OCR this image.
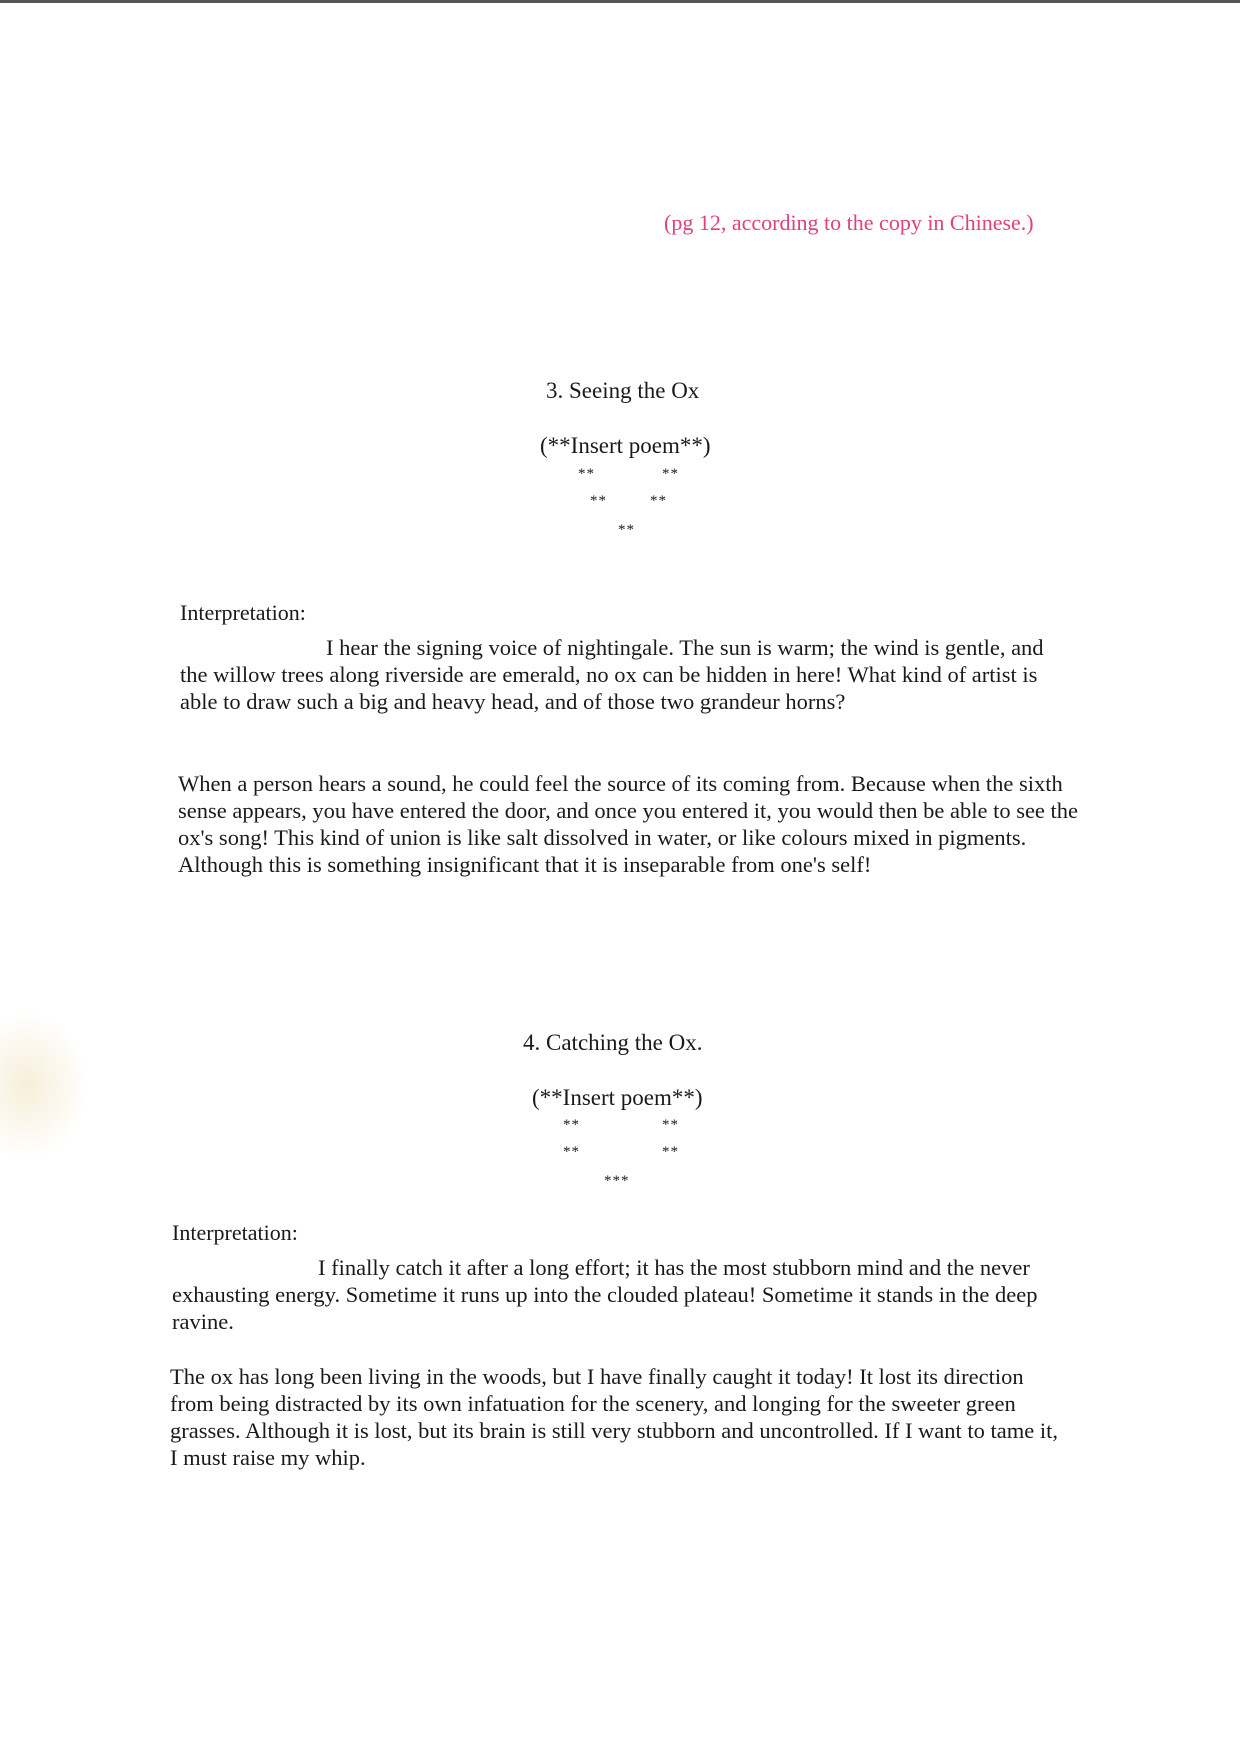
(pg 12, according to the copy in Chinese.)
3. Seeing the Ox
(**Insert poem**)
**	**
**	**
**
Interpretation:

I hear the signing voice of nightingale. The sun is warm; the wind is gentle, and the willow trees along riverside are emerald, no ox can be hidden in here! What kind of artist is able to draw such a big and heavy head, and of those two grandeur horns?

When a person hears a sound, he could feel the source of its coming from. Because when the sixth sense appears, you have entered the door, and once you entered it, you would then be able to see the ox's song! This kind of union is like salt dissolved in water, or like colours mixed in pigments. Although this is something insignificant that it is inseparable from one's self!

4. Catching the Ox.
(**Insert poem**)
**	**
**	**
***
Interpretation:

I finally catch it after a long effort; it has the most stubborn mind and the never exhausting energy. Sometime it runs up into the clouded plateau! Sometime it stands in the deep ravine.

The ox has long been living in the woods, but I have finally caught it today! It lost its direction from being distracted by its own infatuation for the scenery, and longing for the sweeter green grasses. Although it is lost, but its brain is still very stubborn and uncontrolled. If I want to tame it, I must raise my whip.
